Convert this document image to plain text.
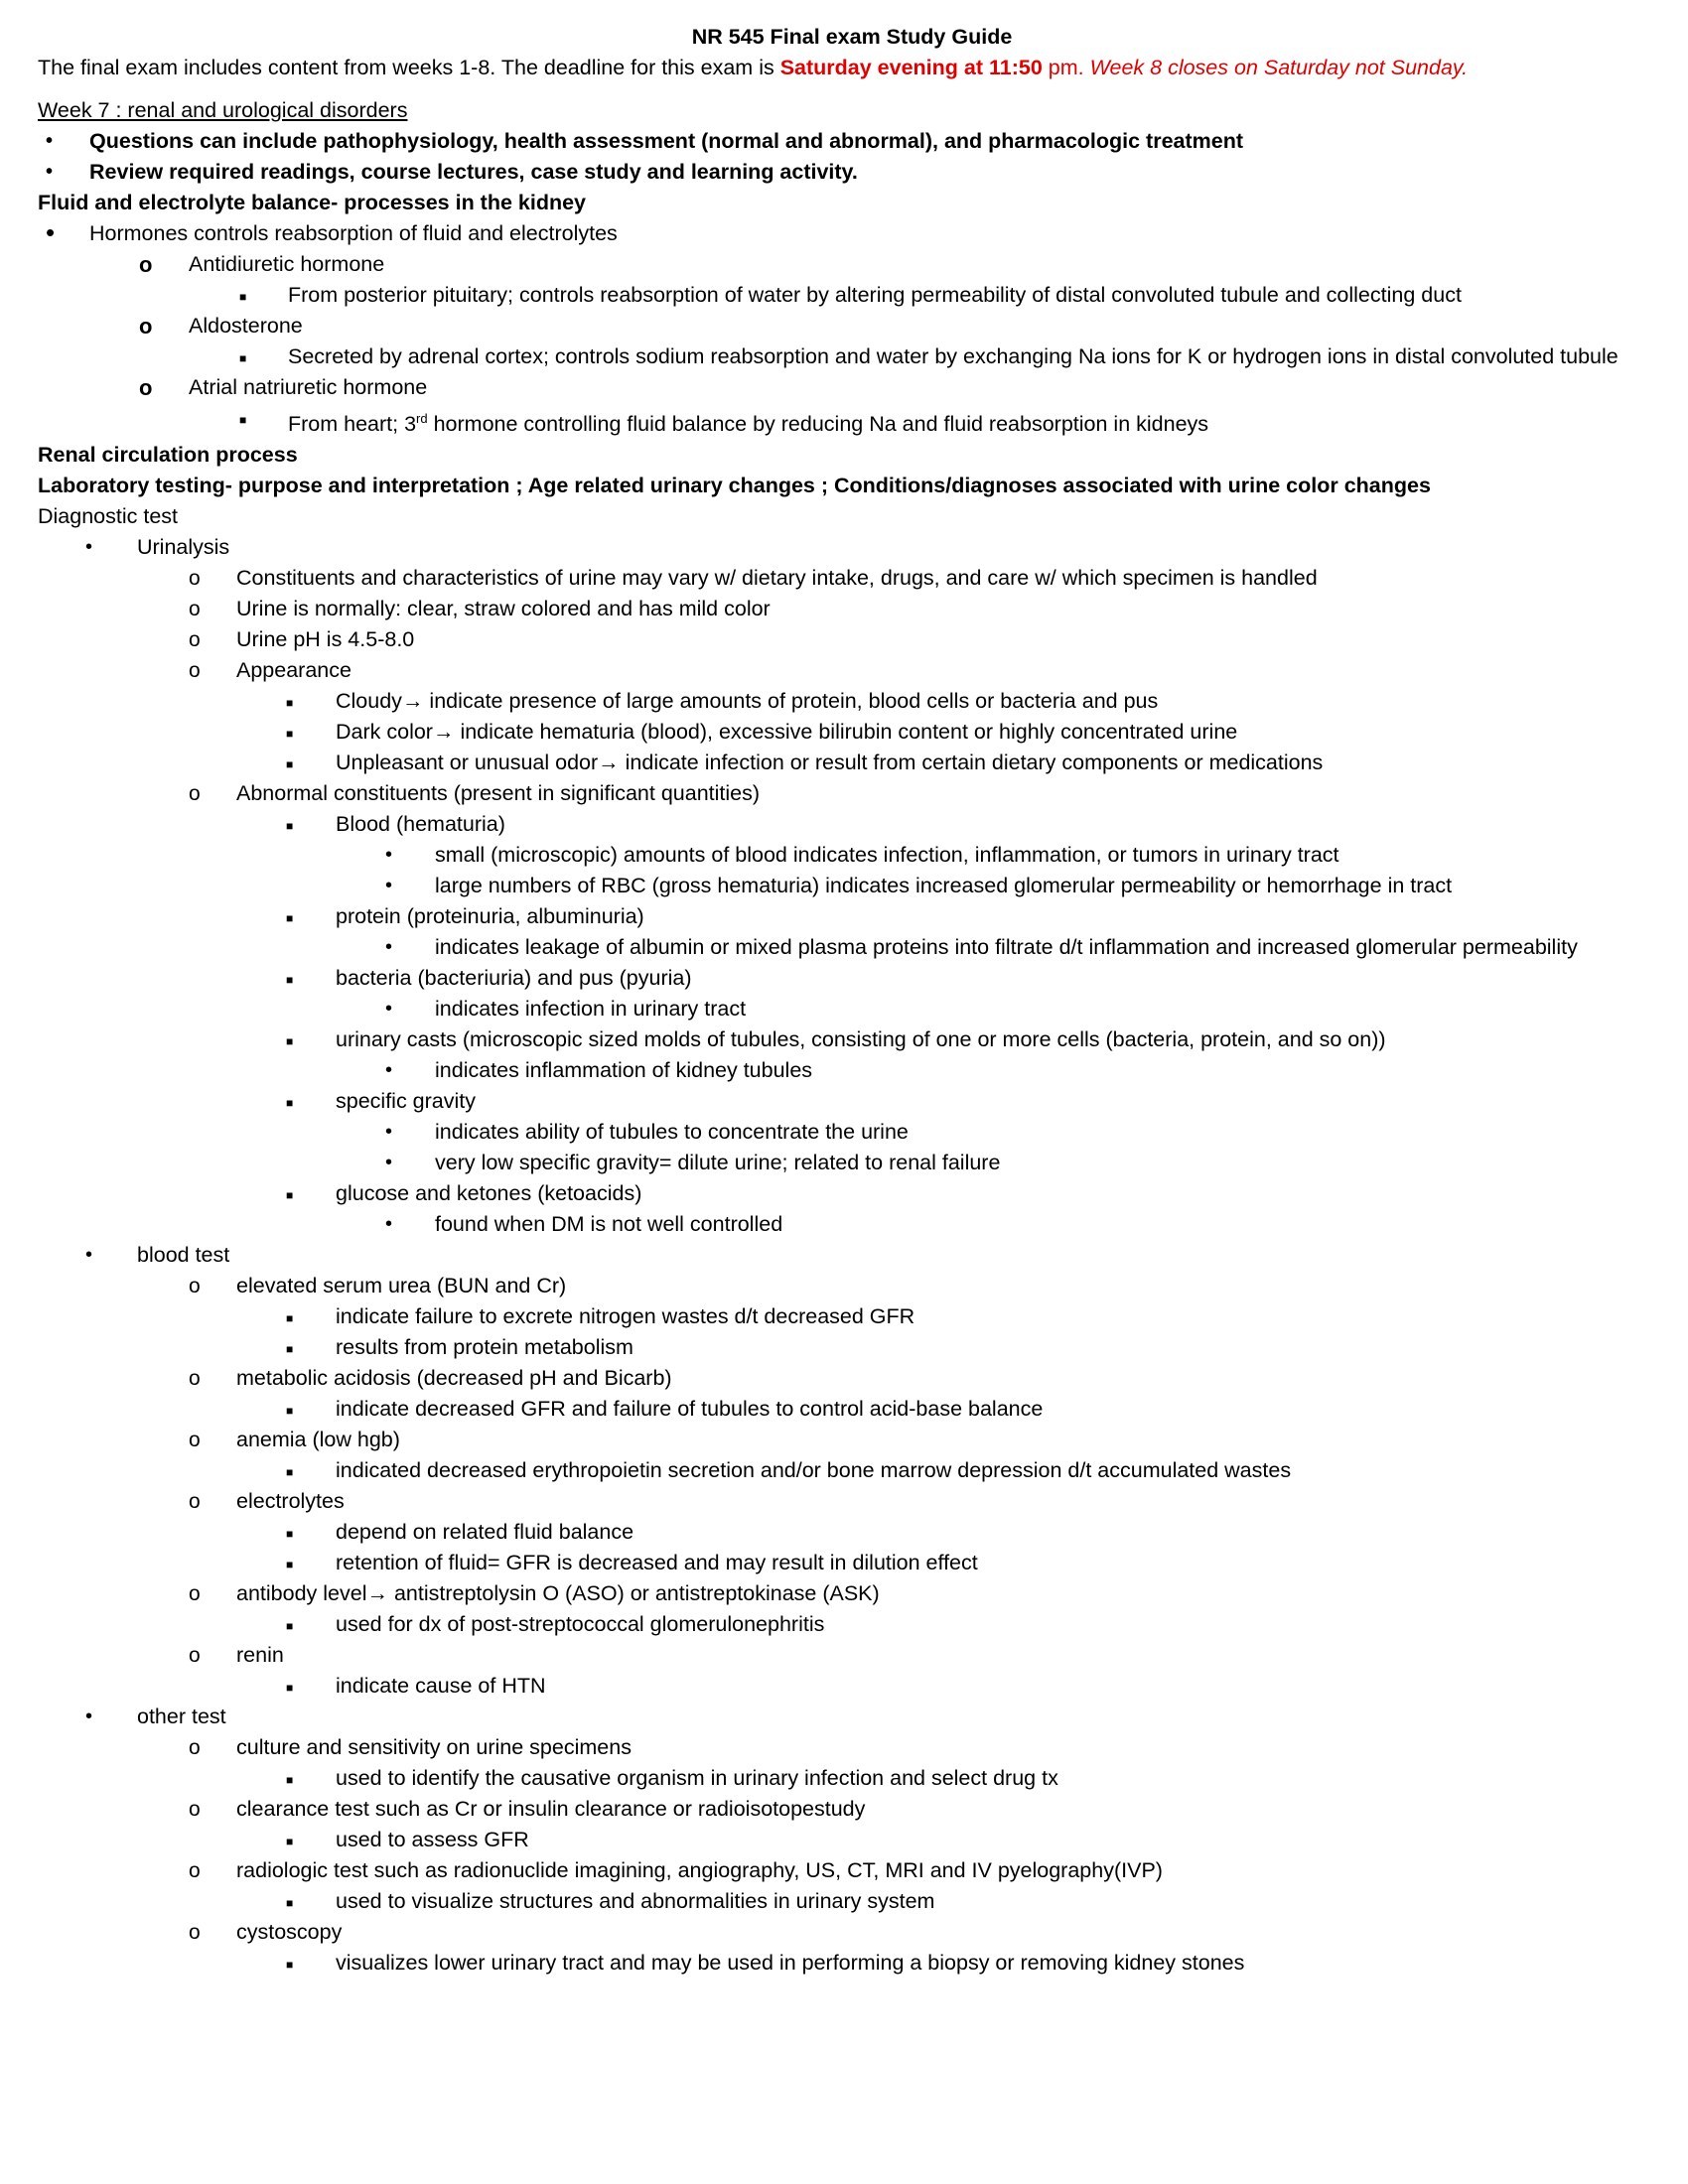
NR 545 Final exam Study Guide
The final exam includes content from weeks 1-8. The deadline for this exam is Saturday evening at 11:50 pm. Week 8 closes on Saturday not Sunday.
Week 7 : renal and urological disorders
• Questions can include pathophysiology, health assessment (normal and abnormal), and pharmacologic treatment
• Review required readings, course lectures, case study and learning activity.
Fluid and electrolyte balance- processes in the kidney
• Hormones controls reabsorption of fluid and electrolytes
o Antidiuretic hormone
■ From posterior pituitary; controls reabsorption of water by altering permeability of distal convoluted tubule and collecting duct
o Aldosterone
■ Secreted by adrenal cortex; controls sodium reabsorption and water by exchanging Na ions for K or hydrogen ions in distal convoluted tubule
o Atrial natriuretic hormone
■ From heart; 3rd hormone controlling fluid balance by reducing Na and fluid reabsorption in kidneys
Renal circulation process
Laboratory testing- purpose and interpretation ; Age related urinary changes ; Conditions/diagnoses associated with urine color changes
Diagnostic test
• Urinalysis
o Constituents and characteristics of urine may vary w/ dietary intake, drugs, and care w/ which specimen is handled
o Urine is normally: clear, straw colored and has mild color
o Urine pH is 4.5-8.0
o Appearance
■ Cloudy→ indicate presence of large amounts of protein, blood cells or bacteria and pus
■ Dark color→ indicate hematuria (blood), excessive bilirubin content or highly concentrated urine
■ Unpleasant or unusual odor→ indicate infection or result from certain dietary components or medications
o Abnormal constituents (present in significant quantities)
■ Blood (hematuria)
• small (microscopic) amounts of blood indicates infection, inflammation, or tumors in urinary tract
• large numbers of RBC (gross hematuria) indicates increased glomerular permeability or hemorrhage in tract
■ protein (proteinuria, albuminuria)
• indicates leakage of albumin or mixed plasma proteins into filtrate d/t inflammation and increased glomerular permeability
■ bacteria (bacteriuria) and pus (pyuria)
• indicates infection in urinary tract
■ urinary casts (microscopic sized molds of tubules, consisting of one or more cells (bacteria, protein, and so on))
• indicates inflammation of kidney tubules
■ specific gravity
• indicates ability of tubules to concentrate the urine
• very low specific gravity= dilute urine; related to renal failure
■ glucose and ketones (ketoacids)
• found when DM is not well controlled
• blood test
o elevated serum urea (BUN and Cr)
■ indicate failure to excrete nitrogen wastes d/t decreased GFR
■ results from protein metabolism
o metabolic acidosis (decreased pH and Bicarb)
■ indicate decreased GFR and failure of tubules to control acid-base balance
o anemia (low hgb)
■ indicated decreased erythropoietin secretion and/or bone marrow depression d/t accumulated wastes
o electrolytes
■ depend on related fluid balance
■ retention of fluid= GFR is decreased and may result in dilution effect
o antibody level→ antistreptolysin O (ASO) or antistreptokinase (ASK)
■ used for dx of post-streptococcal glomerulonephritis
o renin
■ indicate cause of HTN
• other test
o culture and sensitivity on urine specimens
■ used to identify the causative organism in urinary infection and select drug tx
o clearance test such as Cr or insulin clearance or radioisotopestudy
■ used to assess GFR
o radiologic test such as radionuclide imagining, angiography, US, CT, MRI and IV pyelography(IVP)
■ used to visualize structures and abnormalities in urinary system
o cystoscopy
■ visualizes lower urinary tract and may be used in performing a biopsy or removing kidney stones
